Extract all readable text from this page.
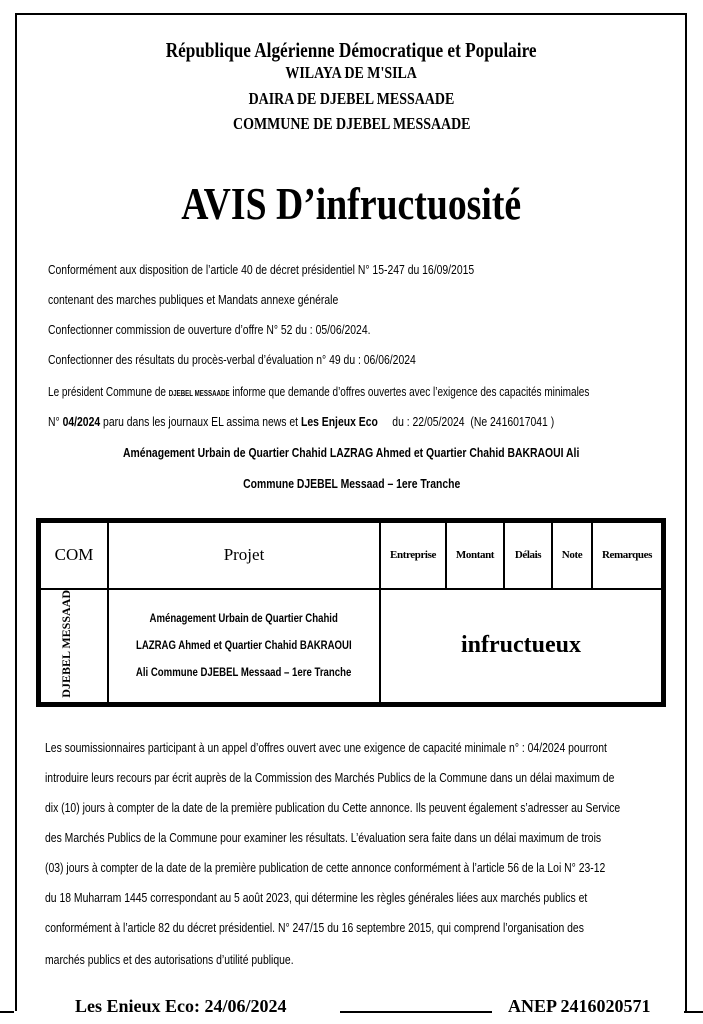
République Algérienne Démocratique et Populaire
WILAYA DE M'SILA
DAIRA DE DJEBEL MESSAADE
COMMUNE DE DJEBEL MESSAADE
AVIS D’infructuosité
Conformément aux disposition de l’article 40 de décret présidentiel N° 15-247 du 16/09/2015
contenant des marches publiques et Mandats annexe générale
Confectionner commission de ouverture d’offre N° 52 du : 05/06/2024.
Confectionner des résultats du procès-verbal d’évaluation n° 49 du : 06/06/2024
Le président Commune de DJEBEL MESSAADE informe que demande d’offres ouvertes avec l’exigence des capacités minimales
N° 04/2024 paru dans les journaux EL assima news et Les Enjeux Eco     du : 22/05/2024  (Ne 2416017041 )
Aménagement Urbain de Quartier Chahid LAZRAG Ahmed et Quartier Chahid BAKRAOUI Ali
Commune DJEBEL Messaad – 1ere Tranche
COM	Projet	Entreprise	Montant	Délais	Note	Remarques
DJEBEL MESSAAD	Aménagement Urbain de Quartier Chahid
LAZRAG Ahmed et Quartier Chahid BAKRAOUI
Ali Commune DJEBEL Messaad – 1ere Tranche	infructueux				
Les soumissionnaires participant à un appel d’offres ouvert avec une exigence de capacité minimale n° : 04/2024 pourront
introduire leurs recours par écrit auprès de la Commission des Marchés Publics de la Commune dans un délai maximum de
dix (10) jours à compter de la date de la première publication du Cette annonce. Ils peuvent également s’adresser au Service
des Marchés Publics de la Commune pour examiner les résultats. L’évaluation sera faite dans un délai maximum de trois
(03) jours à compter de la date de la première publication de cette annonce conformément à l’article 56 de la Loi N° 23-12
du 18 Muharram 1445 correspondant au 5 août 2023, qui détermine les règles générales liées aux marchés publics et
conformément à l’article 82 du décret présidentiel. N° 247/15 du 16 septembre 2015, qui comprend l’organisation des
marchés publics et des autorisations d’utilité publique.
Les Enieux Eco: 24/06/2024	ANEP 2416020571
